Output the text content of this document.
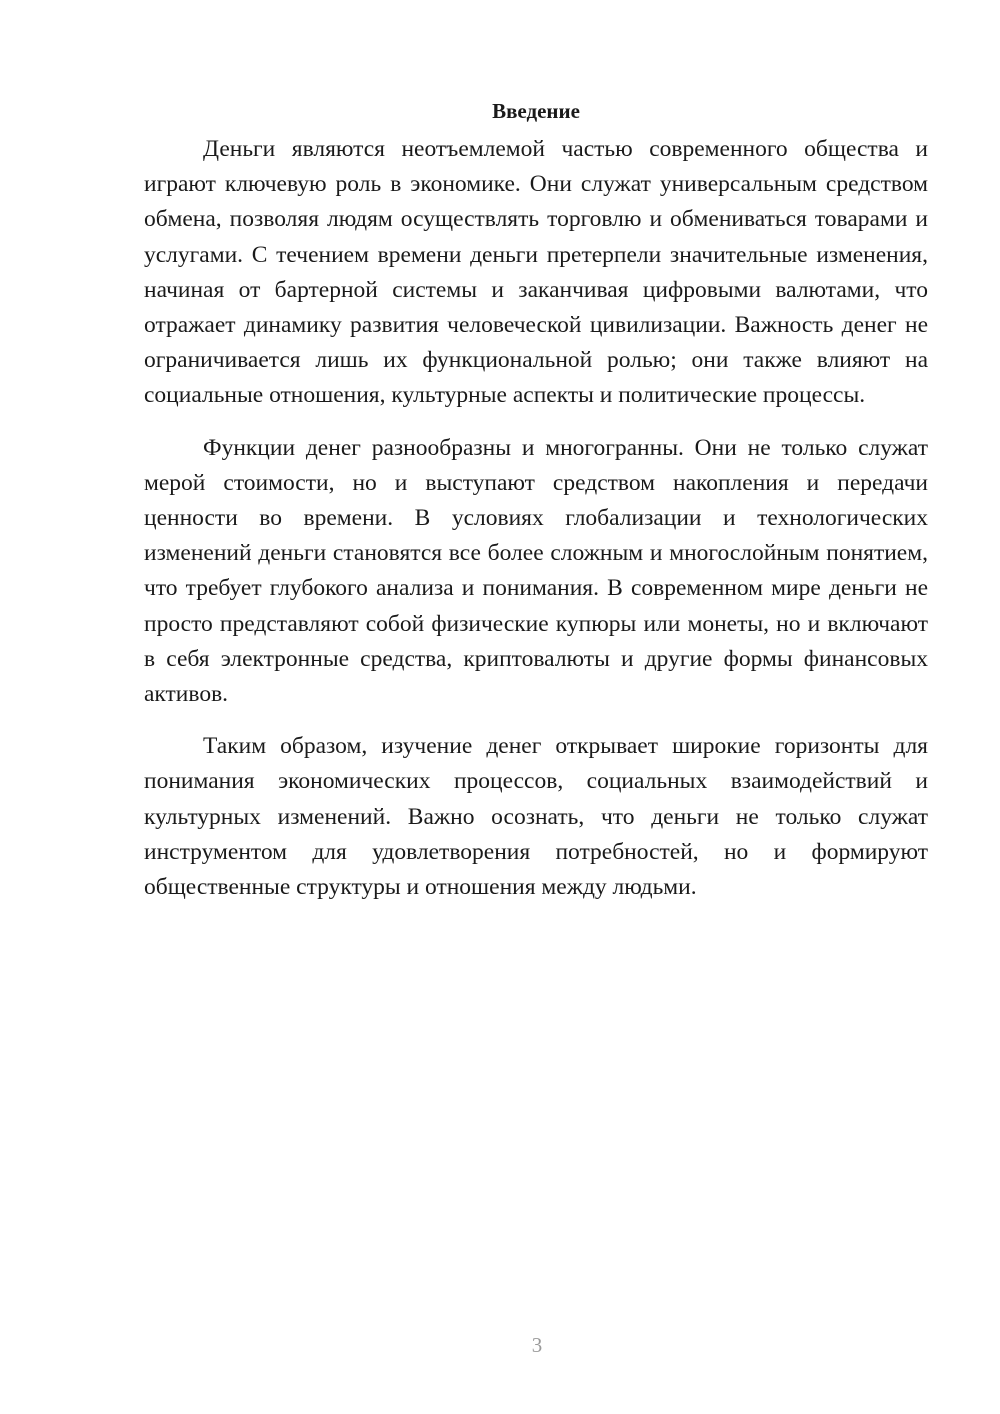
Введение

Деньги являются неотъемлемой частью современного общества и играют ключевую роль в экономике. Они служат универсальным средством обмена, позволяя людям осуществлять торговлю и обмениваться товарами и услугами. С течением времени деньги претерпели значительные изменения, начиная от бартерной системы и заканчивая цифровыми валютами, что отражает динамику развития человеческой цивилизации. Важность денег не ограничивается лишь их функциональной ролью; они также влияют на социальные отношения, культурные аспекты и политические процессы.

Функции денег разнообразны и многогранны. Они не только служат мерой стоимости, но и выступают средством накопления и передачи ценности во времени. В условиях глобализации и технологических изменений деньги становятся все более сложным и многослойным понятием, что требует глубокого анализа и понимания. В современном мире деньги не просто представляют собой физические купюры или монеты, но и включают в себя электронные средства, криптовалюты и другие формы финансовых активов.

Таким образом, изучение денег открывает широкие горизонты для понимания экономических процессов, социальных взаимодействий и культурных изменений. Важно осознать, что деньги не только служат инструментом для удовлетворения потребностей, но и формируют общественные структуры и отношения между людьми.

3
